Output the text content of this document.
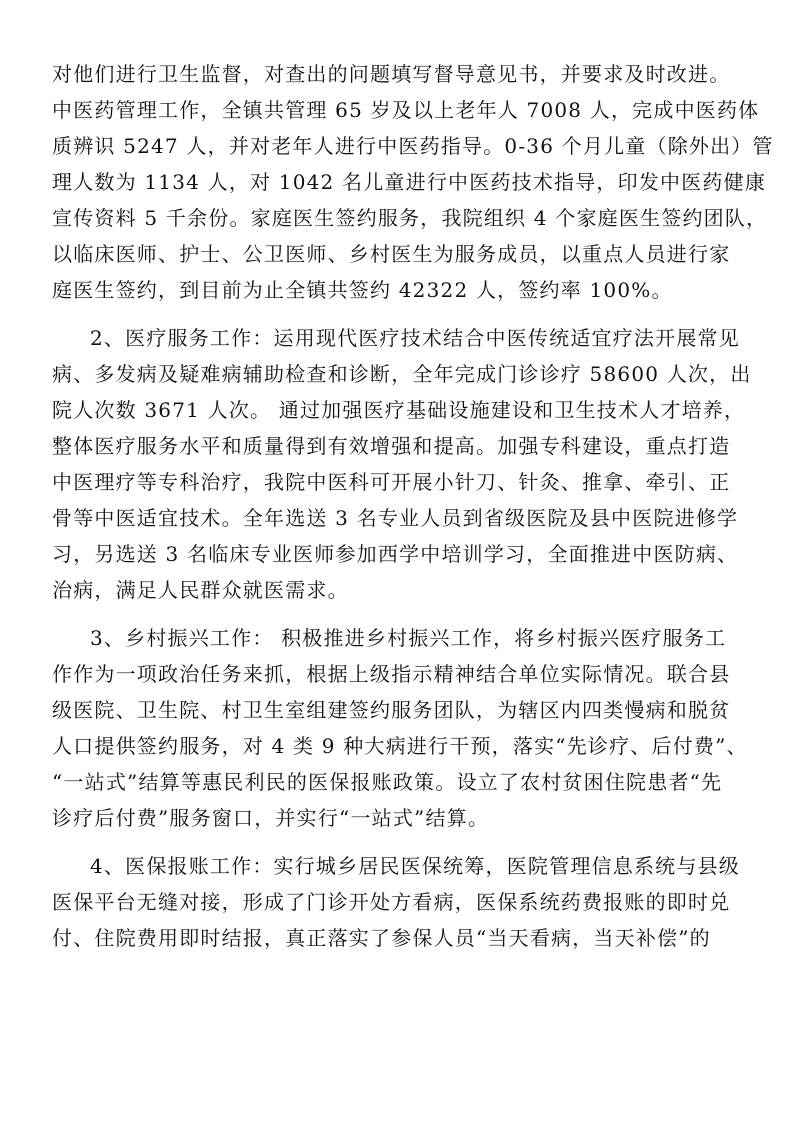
对他们进行卫生监督，对查出的问题填写督导意见书，并要求及时改进。
中医药管理工作，全镇共管理 65 岁及以上老年人 7008 人，完成中医药体
质辨识 5247 人，并对老年人进行中医药指导。0-36 个月儿童（除外出）管
理人数为 1134 人，对 1042 名儿童进行中医药技术指导，印发中医药健康
宣传资料 5 千余份。家庭医生签约服务，我院组织 4 个家庭医生签约团队，
以临床医师、护士、公卫医师、乡村医生为服务成员，以重点人员进行家
庭医生签约，到目前为止全镇共签约 42322 人，签约率 100%。
2、医疗服务工作：运用现代医疗技术结合中医传统适宜疗法开展常见
病、多发病及疑难病辅助检查和诊断，全年完成门诊诊疗 58600 人次，出
院人次数 3671 人次。 通过加强医疗基础设施建设和卫生技术人才培养，
整体医疗服务水平和质量得到有效增强和提高。加强专科建设，重点打造
中医理疗等专科治疗，我院中医科可开展小针刀、针灸、推拿、牵引、正
骨等中医适宜技术。全年选送 3 名专业人员到省级医院及县中医院进修学
习，另选送 3 名临床专业医师参加西学中培训学习，全面推进中医防病、
治病，满足人民群众就医需求。
3、乡村振兴工作： 积极推进乡村振兴工作，将乡村振兴医疗服务工
作作为一项政治任务来抓，根据上级指示精神结合单位实际情况。联合县
级医院、卫生院、村卫生室组建签约服务团队，为辖区内四类慢病和脱贫
人口提供签约服务，对 4 类 9 种大病进行干预，落实“先诊疗、后付费”、
“一站式”结算等惠民利民的医保报账政策。设立了农村贫困住院患者“先
诊疗后付费”服务窗口，并实行“一站式”结算。
4、医保报账工作：实行城乡居民医保统筹，医院管理信息系统与县级
医保平台无缝对接，形成了门诊开处方看病，医保系统药费报账的即时兑
付、住院费用即时结报，真正落实了参保人员“当天看病，当天补偿”的
